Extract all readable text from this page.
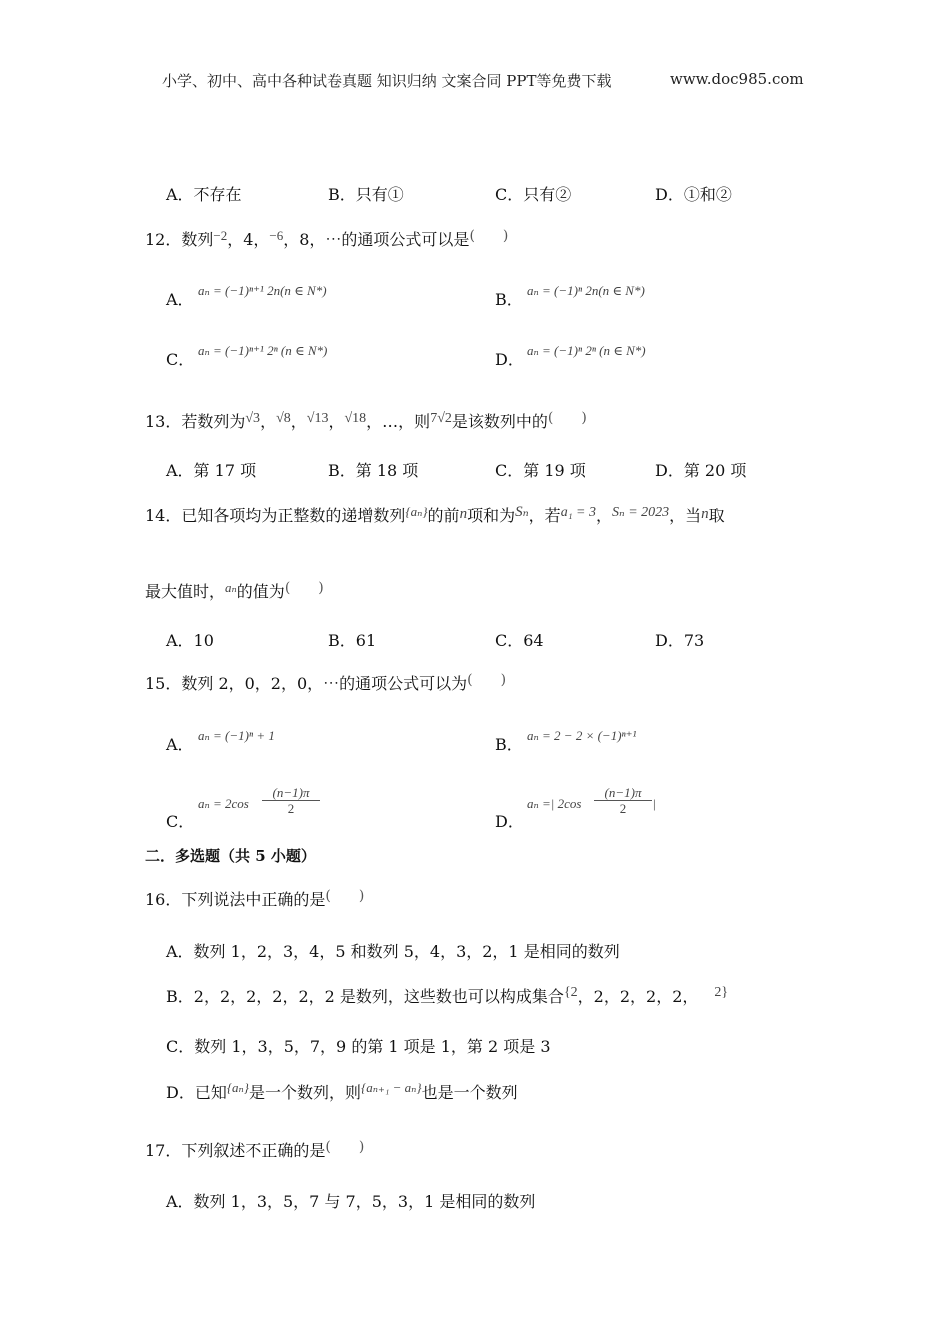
小学、初中、高中各种试卷真题 知识归纳 文案合同 PPT等免费下载	www.doc985.com
A．不存在	B．只有①	C．只有②	D．①和②
12．数列$^{-2}$，4，$^{-6}$，8，⋯的通项公式可以是(　　)
A． aₙ = (−1)ⁿ⁺¹ 2n(n ∈ N*)	B． aₙ = (−1)ⁿ 2n(n ∈ N*)
C． aₙ = (−1)ⁿ⁺¹ 2ⁿ (n ∈ N*)	D． aₙ = (−1)ⁿ 2ⁿ (n ∈ N*)
13．若数列为√3，√8，√13，√18，…，则7√2是该数列中的(　　)
A．第 17 项	B．第 18 项	C．第 19 项	D．第 20 项
14．已知各项均为正整数的递增数列$^{\{a_n\}}$的前n项和为Sₙ，若a₁ = 3，Sₙ = 2023，当n取
最大值时，$^{a_n}$的值为(　　)
A．10	B．61	C．64	D．73
15．数列 2，0，2，0，⋯的通项公式可以为(　　)
A． aₙ = (−1)ⁿ + 1	B． aₙ = 2 − 2 × (−1)ⁿ⁺¹
C．
$a_n = 2\cos \frac{(n-1)\pi}{2}$
D．
aₙ =| $2\cos \frac{(n-1)\pi}{2}$ |
二．多选题（共 5 小题）
16．下列说法中正确的是(　　)
A．数列 1，2，3，4，5 和数列 5，4，3，2，1 是相同的数列
B．2，2，2，2，2，2 是数列，这些数也可以构成集合{2，2，2，2，2， 2}
C．数列 1，3，5，7，9 的第 1 项是 1，第 2 项是 3
D．已知$^{\{a_n\}}$是一个数列，则$^{\{a_{n+1} - a_n\}}$也是一个数列
17．下列叙述不正确的是(　　)
A．数列 1，3，5，7 与 7，5，3，1 是相同的数列
